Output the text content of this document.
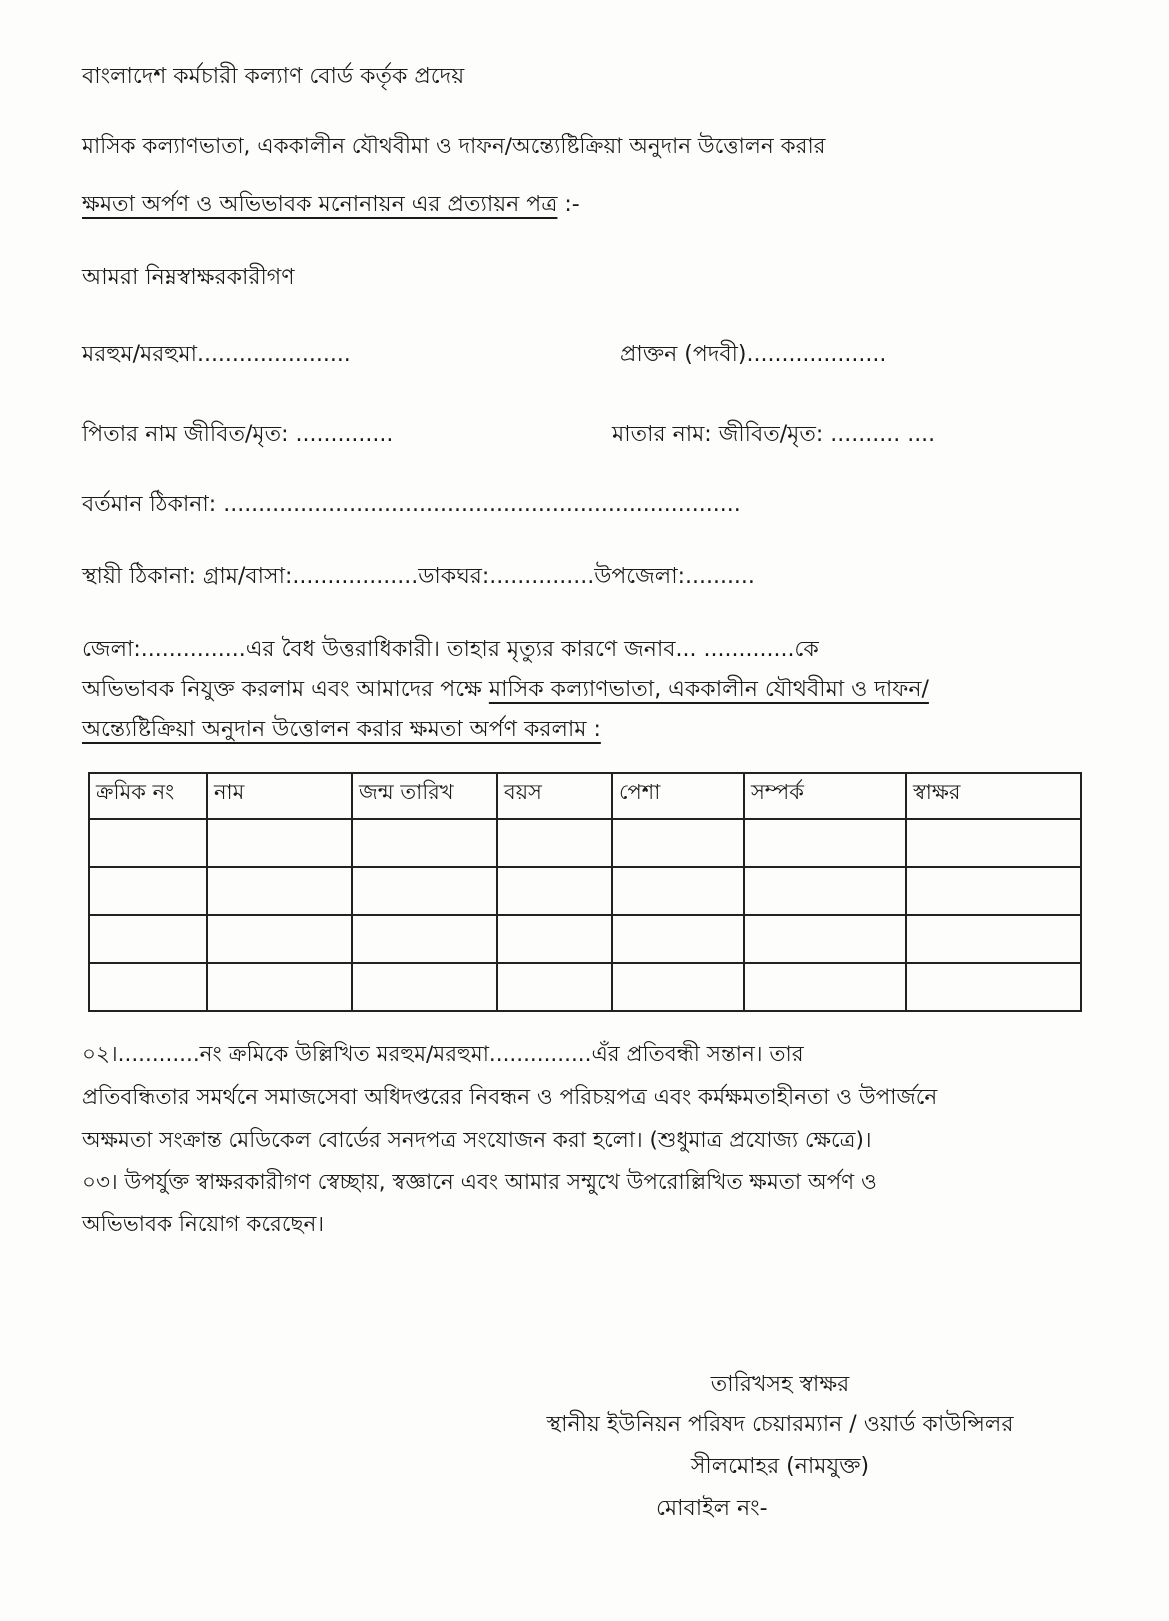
বাংলাদেশ কর্মচারী কল্যাণ বোর্ড কর্তৃক প্রদেয়
মাসিক কল্যাণভাতা, এককালীন যৌথবীমা ও দাফন/অন্ত্যেষ্টিক্রিয়া অনুদান উত্তোলন করার
ক্ষমতা অর্পণ ও অভিভাবক মনোনায়ন এর প্রত্যায়ন পত্র :-
আমরা নিম্নস্বাক্ষরকারীগণ
মরহুম/মরহুমা......................	প্রাক্তন (পদবী)....................
পিতার নাম জীবিত/মৃত: ..............	মাতার নাম: জীবিত/মৃত: .......... ....
বর্তমান ঠিকানা: ..........................................................................
স্থায়ী ঠিকানা: গ্রাম/বাসা:..................ডাকঘর:...............উপজেলা:..........
জেলা:...............এর বৈধ উত্তরাধিকারী। তাহার মৃত্যুর কারণে জনাব... .............কে
অভিভাবক নিযুক্ত করলাম এবং আমাদের পক্ষে মাসিক কল্যাণভাতা, এককালীন যৌথবীমা ও দাফন/
অন্ত্যেষ্টিক্রিয়া অনুদান উত্তোলন করার ক্ষমতা অর্পণ করলাম :
ক্রমিক নং	নাম	জন্ম তারিখ	বয়স	পেশা	সম্পর্ক	স্বাক্ষর

০২।............নং ক্রমিকে উল্লিখিত মরহুম/মরহুমা...............এঁর প্রতিবন্ধী সন্তান। তার
প্রতিবন্ধিতার সমর্থনে সমাজসেবা অধিদপ্তরের নিবন্ধন ও পরিচয়পত্র এবং কর্মক্ষমতাহীনতা ও উপার্জনে
অক্ষমতা সংক্রান্ত মেডিকেল বোর্ডের সনদপত্র সংযোজন করা হলো। (শুধুমাত্র প্রযোজ্য ক্ষেত্রে)।
০৩। উপর্যুক্ত স্বাক্ষরকারীগণ স্বেচ্ছায়, স্বজ্ঞানে এবং আমার সম্মুখে উপরোল্লিখিত ক্ষমতা অর্পণ ও
অভিভাবক নিয়োগ করেছেন।
তারিখসহ স্বাক্ষর
স্থানীয় ইউনিয়ন পরিষদ চেয়ারম্যান / ওয়ার্ড কাউন্সিলর
সীলমোহর (নামযুক্ত)
মোবাইল নং-
